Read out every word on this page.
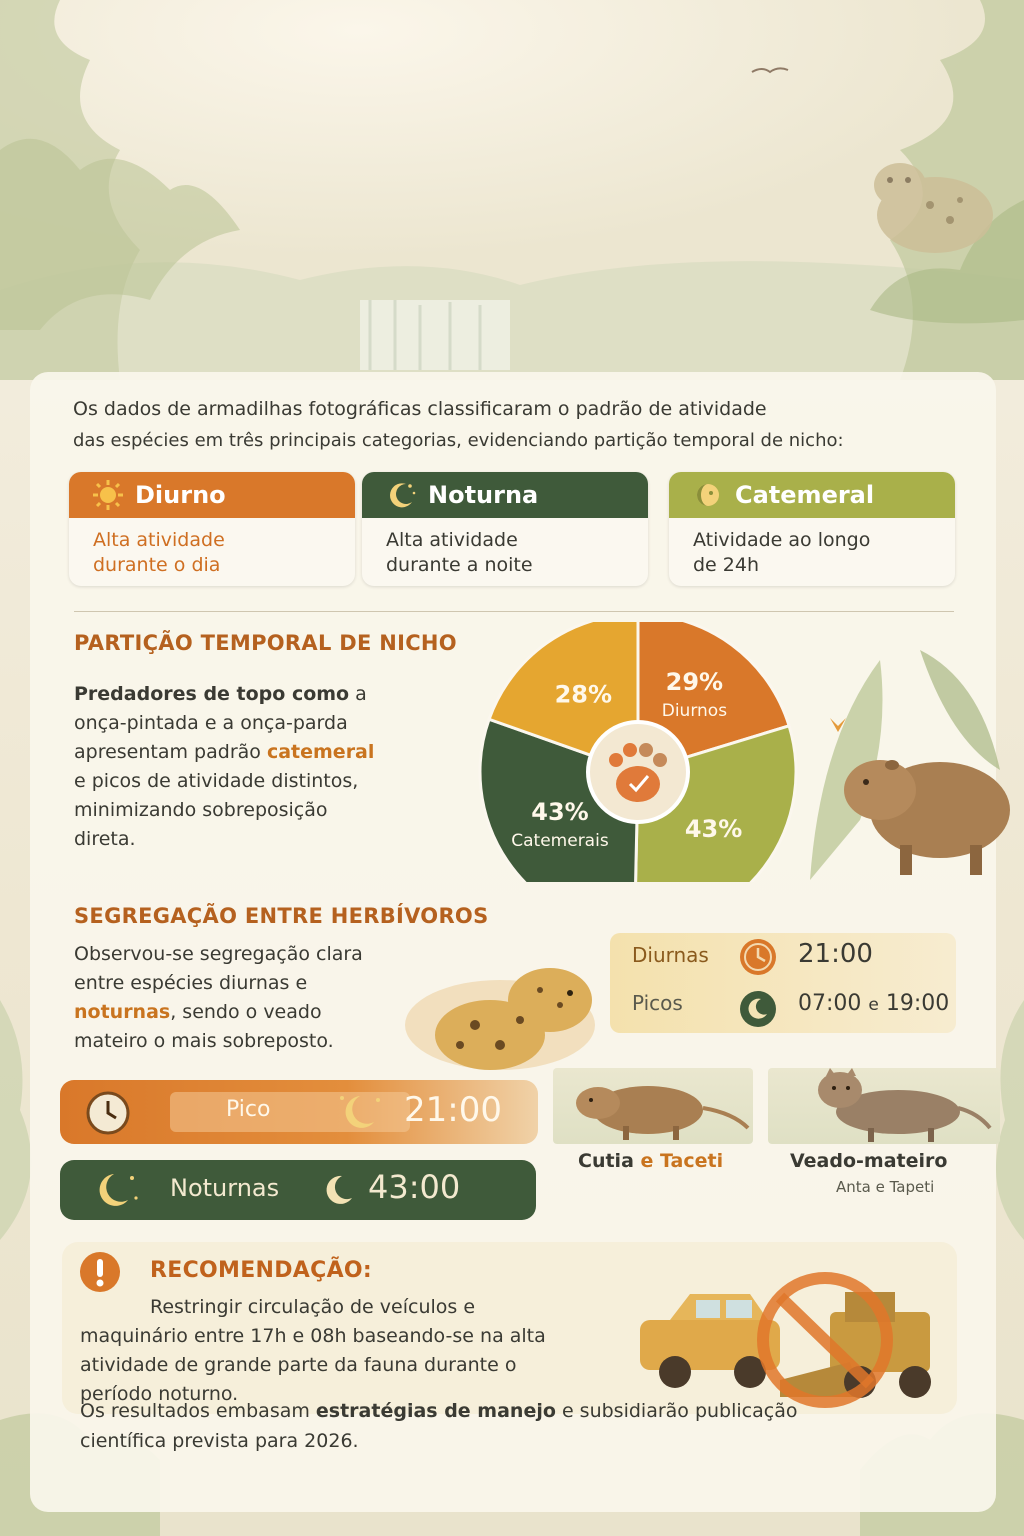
Os dados de armadilhas fotográficas classificaram o padrão de atividade
das espécies em três principais categorias, evidenciando partição temporal de nicho:
Diurno
Alta atividade
durante o dia
Noturna
Alta atividade
durante a noite
Catemeral
Atividade ao longo
de 24h
PARTIÇÃO TEMPORAL DE NICHO
Predadores de topo como a
onça-pintada e a onça-parda
apresentam padrão catemeral
e picos de atividade distintos,
minimizando sobreposição
direta.
29%
Diurnos
43%
43%
Catemerais
28%
SEGREGAÇÃO ENTRE HERBÍVOROS
Observou-se segregação clara
entre espécies diurnas e
noturnas, sendo o veado
mateiro o mais sobreposto.
Diurnas	21:00
Picos	07:00 e 19:00
Pico	21:00
Noturnas	43:00
Cutia e Taceti	Veado-mateiro
Anta e Tapeti
RECOMENDAÇÃO:
Restringir circulação de veículos e
maquinário entre 17h e 08h baseando-se na alta
atividade de grande parte da fauna durante o
período noturno.
Os resultados embasam estratégias de manejo e subsidiarão publicação
científica prevista para 2026.
